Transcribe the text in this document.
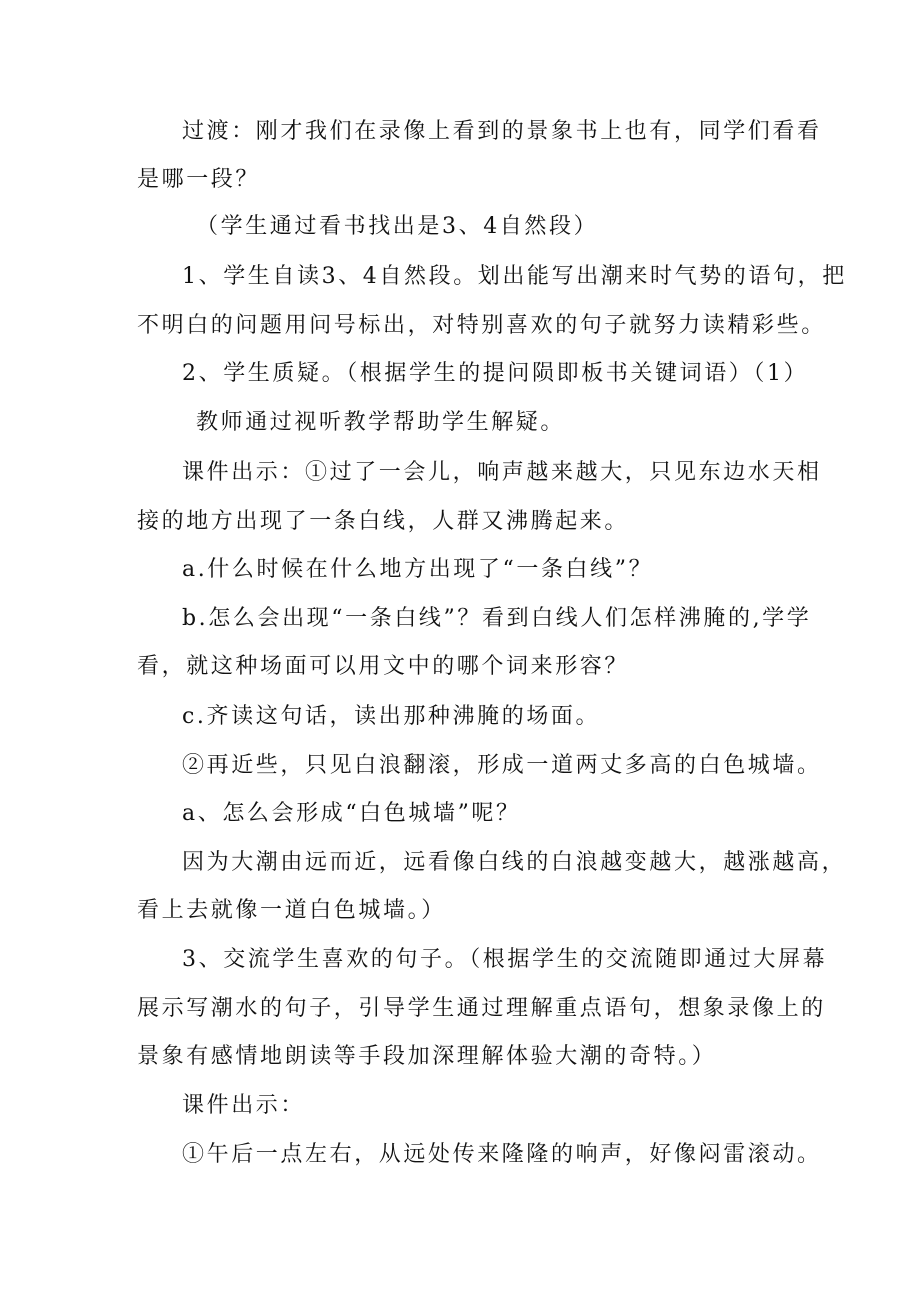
过渡：刚才我们在录像上看到的景象书上也有，同学们看看
是哪一段？
（学生通过看书找出是3、4自然段）
1、学生自读3、4自然段。划出能写出潮来时气势的语句，把
不明白的问题用问号标出，对特别喜欢的句子就努力读精彩些。
2、学生质疑。（根据学生的提问陨即板书关键词语）（1）
教师通过视听教学帮助学生解疑。
课件出示：①过了一会儿，响声越来越大，只见东边水天相
接的地方出现了一条白线，人群又沸腾起来。
a.什么时候在什么地方出现了“一条白线”？
b.怎么会出现“一条白线”？看到白线人们怎样沸腌的,学学
看，就这种场面可以用文中的哪个词来形容？
c.齐读这句话，读出那种沸腌的场面。
②再近些，只见白浪翻滚，形成一道两丈多高的白色城墙。
a、怎么会形成“白色城墙”呢？
因为大潮由远而近，远看像白线的白浪越变越大，越涨越高，
看上去就像一道白色城墙。）
3、交流学生喜欢的句子。（根据学生的交流随即通过大屏幕
展示写潮水的句子，引导学生通过理解重点语句，想象录像上的
景象有感情地朗读等手段加深理解体验大潮的奇特。）
课件出示：
①午后一点左右，从远处传来隆隆的响声，好像闷雷滚动。
